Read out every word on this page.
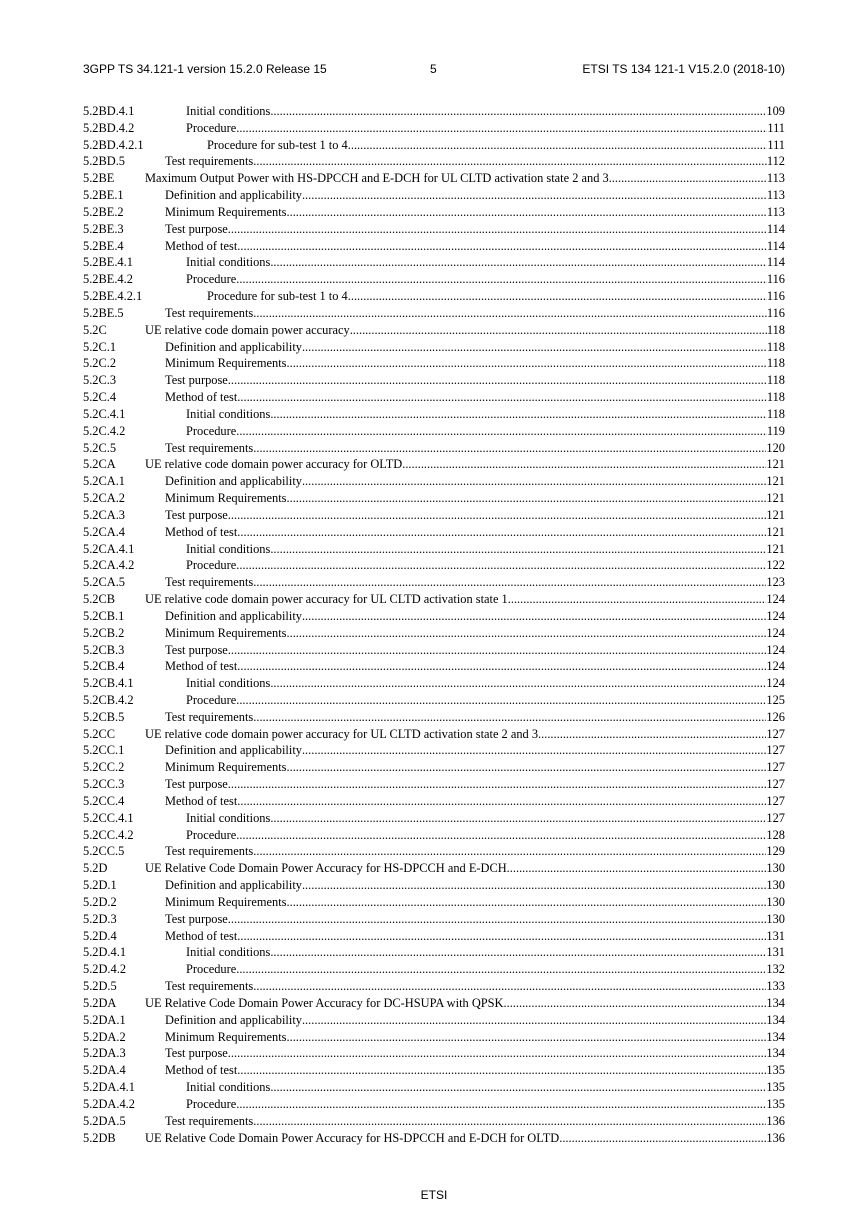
3GPP TS 34.121-1 version 15.2.0 Release 15	5	ETSI TS 134 121-1 V15.2.0 (2018-10)
5.2BD.4.1	Initial conditions .....	109
5.2BD.4.2	Procedure .....	111
5.2BD.4.2.1	Procedure for sub-test 1 to 4 .....	111
5.2BD.5	Test requirements .....	112
5.2BE Maximum Output Power with HS-DPCCH and E-DCH for UL CLTD activation state 2 and 3 .....	113
5.2BE.1	Definition and applicability .....	113
5.2BE.2	Minimum Requirements .....	113
5.2BE.3	Test purpose .....	114
5.2BE.4	Method of test .....	114
5.2BE.4.1	Initial conditions .....	114
5.2BE.4.2	Procedure .....	116
5.2BE.4.2.1	Procedure for sub-test 1 to 4 .....	116
5.2BE.5	Test requirements .....	116
5.2C	UE relative code domain power accuracy .....	118
5.2C.1	Definition and applicability .....	118
5.2C.2	Minimum Requirements .....	118
5.2C.3	Test purpose .....	118
5.2C.4	Method of test .....	118
5.2C.4.1	Initial conditions .....	118
5.2C.4.2	Procedure .....	119
5.2C.5	Test requirements .....	120
5.2CA UE relative code domain power accuracy for OLTD .....	121
5.2CA.1	Definition and applicability .....	121
5.2CA.2	Minimum Requirements .....	121
5.2CA.3	Test purpose .....	121
5.2CA.4	Method of test .....	121
5.2CA.4.1	Initial conditions .....	121
5.2CA.4.2	Procedure .....	122
5.2CA.5	Test requirements .....	123
5.2CB UE relative code domain power accuracy for UL CLTD activation state 1 .....	124
5.2CB.1	Definition and applicability .....	124
5.2CB.2	Minimum Requirements .....	124
5.2CB.3	Test purpose .....	124
5.2CB.4	Method of test .....	124
5.2CB.4.1	Initial conditions .....	124
5.2CB.4.2	Procedure .....	125
5.2CB.5	Test requirements .....	126
5.2CC UE relative code domain power accuracy for UL CLTD activation state 2 and 3 .....	127
5.2CC.1	Definition and applicability .....	127
5.2CC.2	Minimum Requirements .....	127
5.2CC.3	Test purpose .....	127
5.2CC.4	Method of test .....	127
5.2CC.4.1	Initial conditions .....	127
5.2CC.4.2	Procedure .....	128
5.2CC.5	Test requirements .....	129
5.2D	UE Relative Code Domain Power Accuracy for HS-DPCCH and E-DCH .....	130
5.2D.1	Definition and applicability .....	130
5.2D.2	Minimum Requirements .....	130
5.2D.3	Test purpose .....	130
5.2D.4	Method of test .....	131
5.2D.4.1	Initial conditions .....	131
5.2D.4.2	Procedure .....	132
5.2D.5	Test requirements .....	133
5.2DA UE Relative Code Domain Power Accuracy for DC-HSUPA with QPSK .....	134
5.2DA.1	Definition and applicability .....	134
5.2DA.2	Minimum Requirements .....	134
5.2DA.3	Test purpose .....	134
5.2DA.4	Method of test .....	135
5.2DA.4.1	Initial conditions .....	135
5.2DA.4.2	Procedure .....	135
5.2DA.5	Test requirements .....	136
5.2DB UE Relative Code Domain Power Accuracy for HS-DPCCH and E-DCH for OLTD .....	136
ETSI
